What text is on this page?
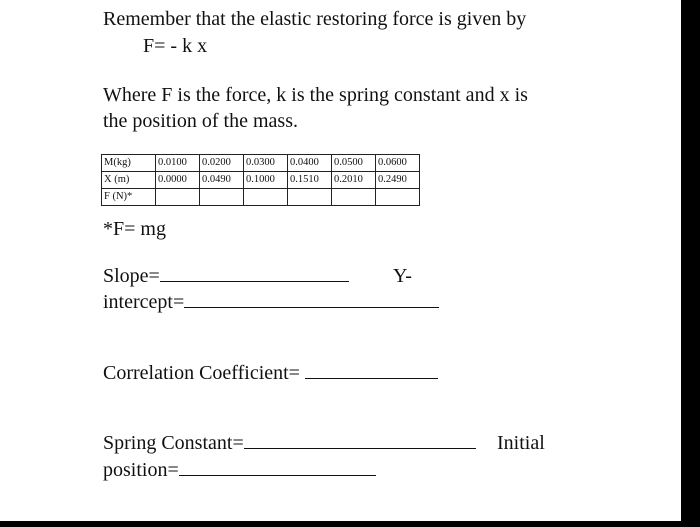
Remember that the elastic restoring force is given by
F= - k x
Where F is the force, k is the spring constant and x is
the position of the mass.
M(kg)	0.0100	0.0200	0.0300	0.0400	0.0500	0.0600
X (m)	0.0000	0.0490	0.1000	0.1510	0.2010	0.2490
F (N)*						
*F= mg
Slope=	Y-
intercept=
Correlation Coefficient=
Spring Constant=	Initial
position=
